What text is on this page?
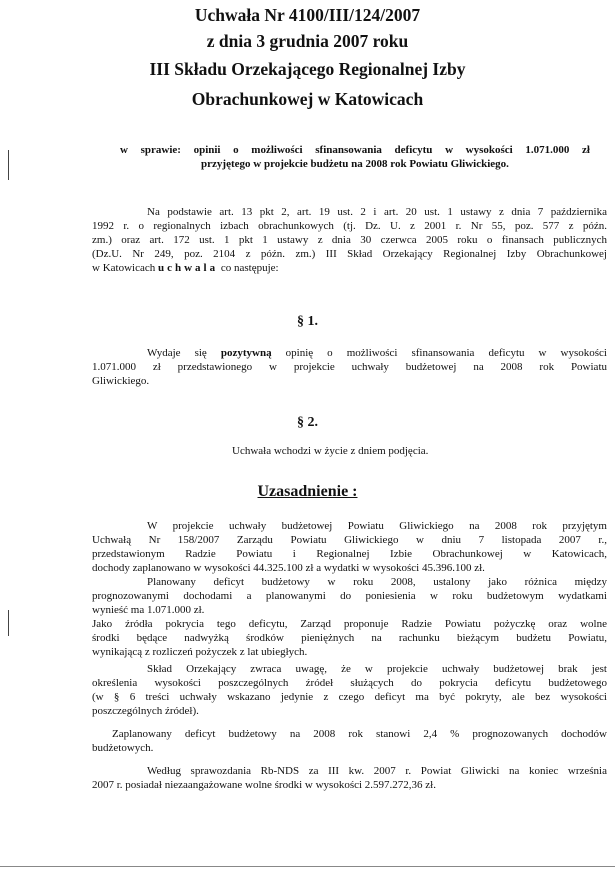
Uchwała Nr 4100/III/124/2007
z dnia 3 grudnia 2007 roku
III Składu Orzekającego Regionalnej Izby
Obrachunkowej w Katowicach
w sprawie: opinii o możliwości sfinansowania deficytu w wysokości 1.071.000 zł
przyjętego w projekcie budżetu na 2008 rok Powiatu Gliwickiego.
Na podstawie art. 13 pkt 2, art. 19 ust. 2 i art. 20 ust. 1 ustawy z dnia 7 października
1992 r. o regionalnych izbach obrachunkowych (tj. Dz. U. z 2001 r. Nr 55, poz. 577 z późn.
zm.) oraz art. 172 ust. 1 pkt 1 ustawy z dnia 30 czerwca 2005 roku o finansach publicznych
(Dz.U. Nr 249, poz. 2104 z późn. zm.) III Skład Orzekający Regionalnej Izby Obrachunkowej
w Katowicach uchwala co następuje:
§ 1.
Wydaje się pozytywną opinię o możliwości sfinansowania deficytu w wysokości
1.071.000 zł przedstawionego w projekcie uchwały budżetowej na 2008 rok Powiatu
Gliwickiego.
§ 2.
Uchwała wchodzi w życie z dniem podjęcia.
Uzasadnienie :
W projekcie uchwały budżetowej Powiatu Gliwickiego na 2008 rok przyjętym
Uchwałą Nr 158/2007 Zarządu Powiatu Gliwickiego w dniu 7 listopada 2007 r.,
przedstawionym Radzie Powiatu i Regionalnej Izbie Obrachunkowej w Katowicach,
dochody zaplanowano w wysokości 44.325.100 zł a wydatki w wysokości 45.396.100 zł.
Planowany deficyt budżetowy w roku 2008, ustalony jako różnica między
prognozowanymi dochodami a planowanymi do poniesienia w roku budżetowym wydatkami
wynieść ma 1.071.000 zł.
Jako źródła pokrycia tego deficytu, Zarząd proponuje Radzie Powiatu pożyczkę oraz wolne
środki będące nadwyżką środków pieniężnych na rachunku bieżącym budżetu Powiatu,
wynikającą z rozliczeń pożyczek z lat ubiegłych.
Skład Orzekający zwraca uwagę, że w projekcie uchwały budżetowej brak jest
określenia wysokości poszczególnych źródeł służących do pokrycia deficytu budżetowego
(w § 6 treści uchwały wskazano jedynie z czego deficyt ma być pokryty, ale bez wysokości
poszczególnych źródeł).
Zaplanowany deficyt budżetowy na 2008 rok stanowi 2,4 % prognozowanych dochodów
budżetowych.
Według sprawozdania Rb-NDS za III kw. 2007 r. Powiat Gliwicki na koniec września
2007 r. posiadał niezaangażowane wolne środki w wysokości 2.597.272,36 zł.
